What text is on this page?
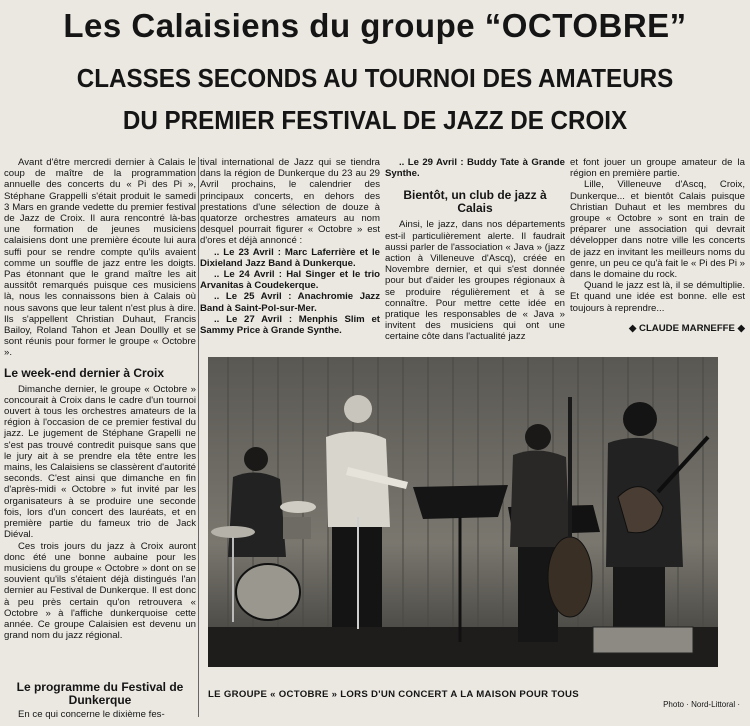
Les Calaisiens du groupe “OCTOBRE”
CLASSES SECONDS AU TOURNOI DES AMATEURS
DU PREMIER FESTIVAL DE JAZZ DE CROIX

Avant d'être mercredi dernier à Calais le coup de maître de la programmation annuelle des concerts du « Pi des Pi », Stéphane Grappelli s'était produit le samedi 3 Mars en grande vedette du premier festival de Jazz de Croix. Il aura rencontré là-bas une formation de jeunes musiciens calaisiens dont une première écoute lui aura suffi pour se rendre compte qu'ils avaient comme un souffle de jazz entre les doigts. Pas étonnant que le grand maître les ait aussitôt remarqués puisque ces musiciens là, nous les connaissons bien à Calais où nous savons que leur talent n'est plus à dire. Ils s'appellent Christian Duhaut, Francis Bailoy, Roland Tahon et Jean Doullly et se sont réunis pour former le groupe « Octobre ».

Le week-end dernier à Croix

Dimanche dernier, le groupe « Octobre » concourait à Croix dans le cadre d'un tournoi ouvert à tous les orchestres amateurs de la région à l'occasion de ce premier festival du jazz. Le jugement de Stéphane Grapelli ne s'est pas trouvé contredit puisque sans que le jury ait à se prendre ela tête entre les mains, les Calaisiens se classèrent d'autorité seconds. C'est ainsi que dimanche en fin d'après-midi « Octobre » fut invité par les organisateurs à se produire une seconde fois, lors d'un concert des lauréats, et en première partie du fameux trio de Jack Diéval.

Ces trois jours du jazz à Croix auront donc été une bonne aubaine pour les musiciens du groupe « Octobre » dont on se souvient qu'ils s'étaient déjà distingués l'an dernier au Festival de Dunkerque. Il est donc à peu près certain qu'on retrouvera « Octobre » à l'affiche dunkerquoise cette année. Ce groupe Calaisien est devenu un grand nom du jazz régional.

Le programme du Festival de Dunkerque

En ce qui concerne le dixième fes-

tival international de Jazz qui se tiendra dans la région de Dunkerque du 23 au 29 Avril prochains, le calendrier des principaux concerts, en dehors des prestations d'une sélection de douze à quatorze orchestres amateurs au nom desquel pourrait figurer « Octobre » est d'ores et déjà annoncé :

.. Le 23 Avril : Marc Laferrière et le Dixieland Jazz Band à Dunkerque.

.. Le 24 Avril : Hal Singer et le trio Arvanitas à Coudekerque.

.. Le 25 Avril : Anachromie Jazz Band à Saint-Pol-sur-Mer.

.. Le 27 Avril : Menphis Slim et Sammy Price à Grande Synthe.

.. Le 29 Avril : Buddy Tate à Grande Synthe.

Bientôt, un club de jazz à Calais

Ainsi, le jazz, dans nos départements est-il particulièrement alerte. Il faudrait aussi parler de l'association « Java » (jazz action à Villeneuve d'Ascq), créée en Novembre dernier, et qui s'est donnée pour but d'aider les groupes régionaux à se produire régulièrement et à se connaître. Pour mettre cette idée en pratique les responsables de « Java » invitent des musiciens qui ont une certaine côte dans l'actualité jazz

et font jouer un groupe amateur de la région en première partie.

Lille, Villeneuve d'Ascq, Croix, Dunkerque... et bientôt Calais puisque Christian Duhaut et les membres du groupe « Octobre » sont en train de préparer une association qui devrait développer dans notre ville les concerts de jazz en invitant les meilleurs noms du genre, un peu ce qu'à fait le « Pi des Pi » dans le domaine du rock.

Quand le jazz est là, il se démultiplie. Et quand une idée est bonne. elle est toujours à reprendre...

◆ CLAUDE MARNEFFE ◆
LE GROUPE « OCTOBRE » LORS D'UN CONCERT A LA MAISON POUR TOUS
Photo · Nord-Littoral ·
